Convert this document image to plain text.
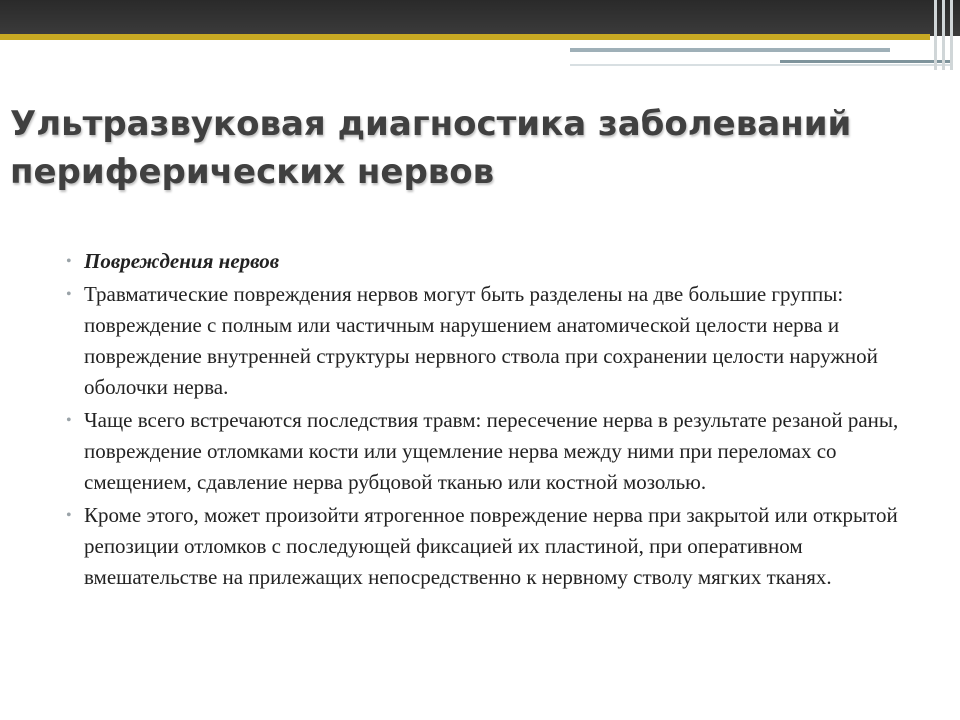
Ультразвуковая диагностика заболеваний периферических нервов
• Повреждения нервов
• Травматические повреждения нервов могут быть разделены на две большие группы: повреждение с полным или частичным нарушением анатомической целости нерва и повреждение внутренней структуры нервного ствола при сохранении целости наружной оболочки нерва.
• Чаще всего встречаются последствия травм: пересечение нерва в результате резаной раны, повреждение отломками кости или ущемление нерва между ними при переломах со смещением, сдавление нерва рубцовой тканью или костной мозолью.
• Кроме этого, может произойти ятрогенное повреждение нерва при закрытой или открытой репозиции отломков с последующей фиксацией их пластиной, при оперативном вмешательстве на прилежащих непосредственно к нервному стволу мягких тканях.
